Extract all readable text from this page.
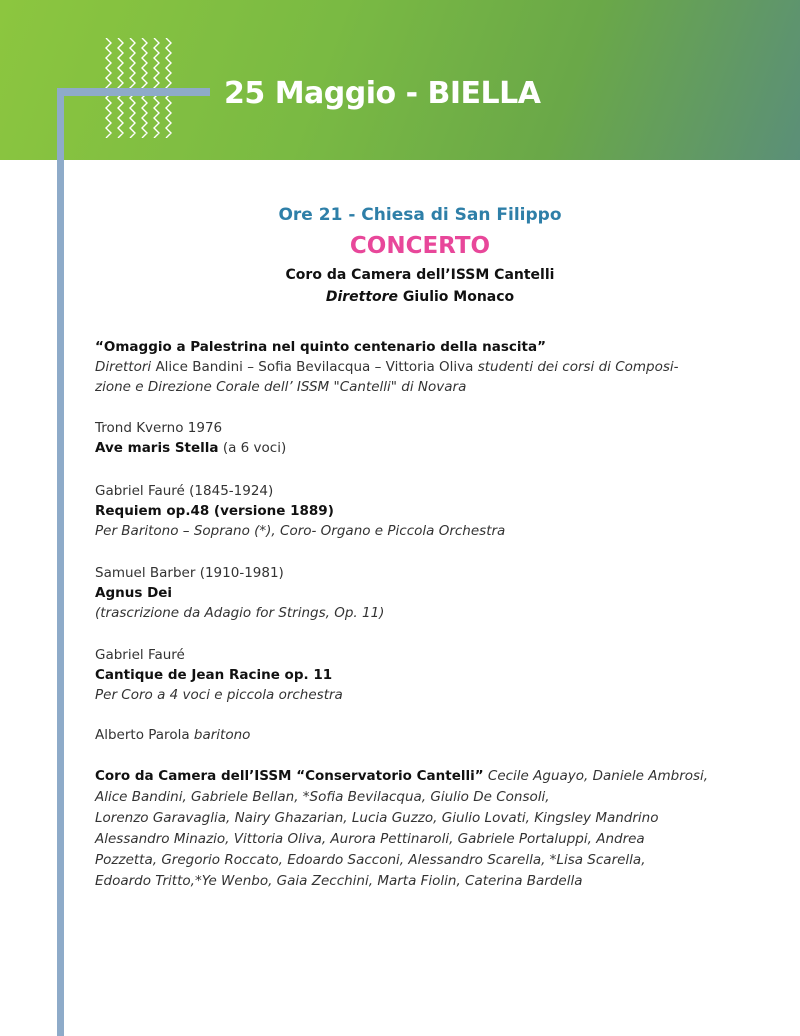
25 Maggio - BIELLA
Ore 21 - Chiesa di San Filippo
CONCERTO
Coro da Camera dell’ISSM Cantelli
Direttore Giulio Monaco
“Omaggio a Palestrina nel quinto centenario della nascita”
Direttori Alice Bandini – Sofia Bevilacqua – Vittoria Oliva studenti dei corsi di Composi-
zione e Direzione Corale dell’ ISSM "Cantelli" di Novara
Trond Kverno 1976
Ave maris Stella (a 6 voci)
Gabriel Fauré (1845-1924)
Requiem op.48 (versione 1889)
Per Baritono – Soprano (*), Coro- Organo e Piccola Orchestra
Samuel Barber (1910-1981)
Agnus Dei
(trascrizione da Adagio for Strings, Op. 11)
Gabriel Fauré
Cantique de Jean Racine op. 11
Per Coro a 4 voci e piccola orchestra
Alberto Parola baritono
Coro da Camera dell’ISSM “Conservatorio Cantelli” Cecile Aguayo, Daniele Ambrosi,
Alice Bandini, Gabriele Bellan, *Sofia Bevilacqua, Giulio De Consoli,
Lorenzo Garavaglia, Nairy Ghazarian, Lucia Guzzo, Giulio Lovati, Kingsley Mandrino
Alessandro Minazio, Vittoria Oliva, Aurora Pettinaroli, Gabriele Portaluppi, Andrea
Pozzetta, Gregorio Roccato, Edoardo Sacconi, Alessandro Scarella, *Lisa Scarella,
Edoardo Tritto,*Ye Wenbo, Gaia Zecchini, Marta Fiolin, Caterina Bardella
